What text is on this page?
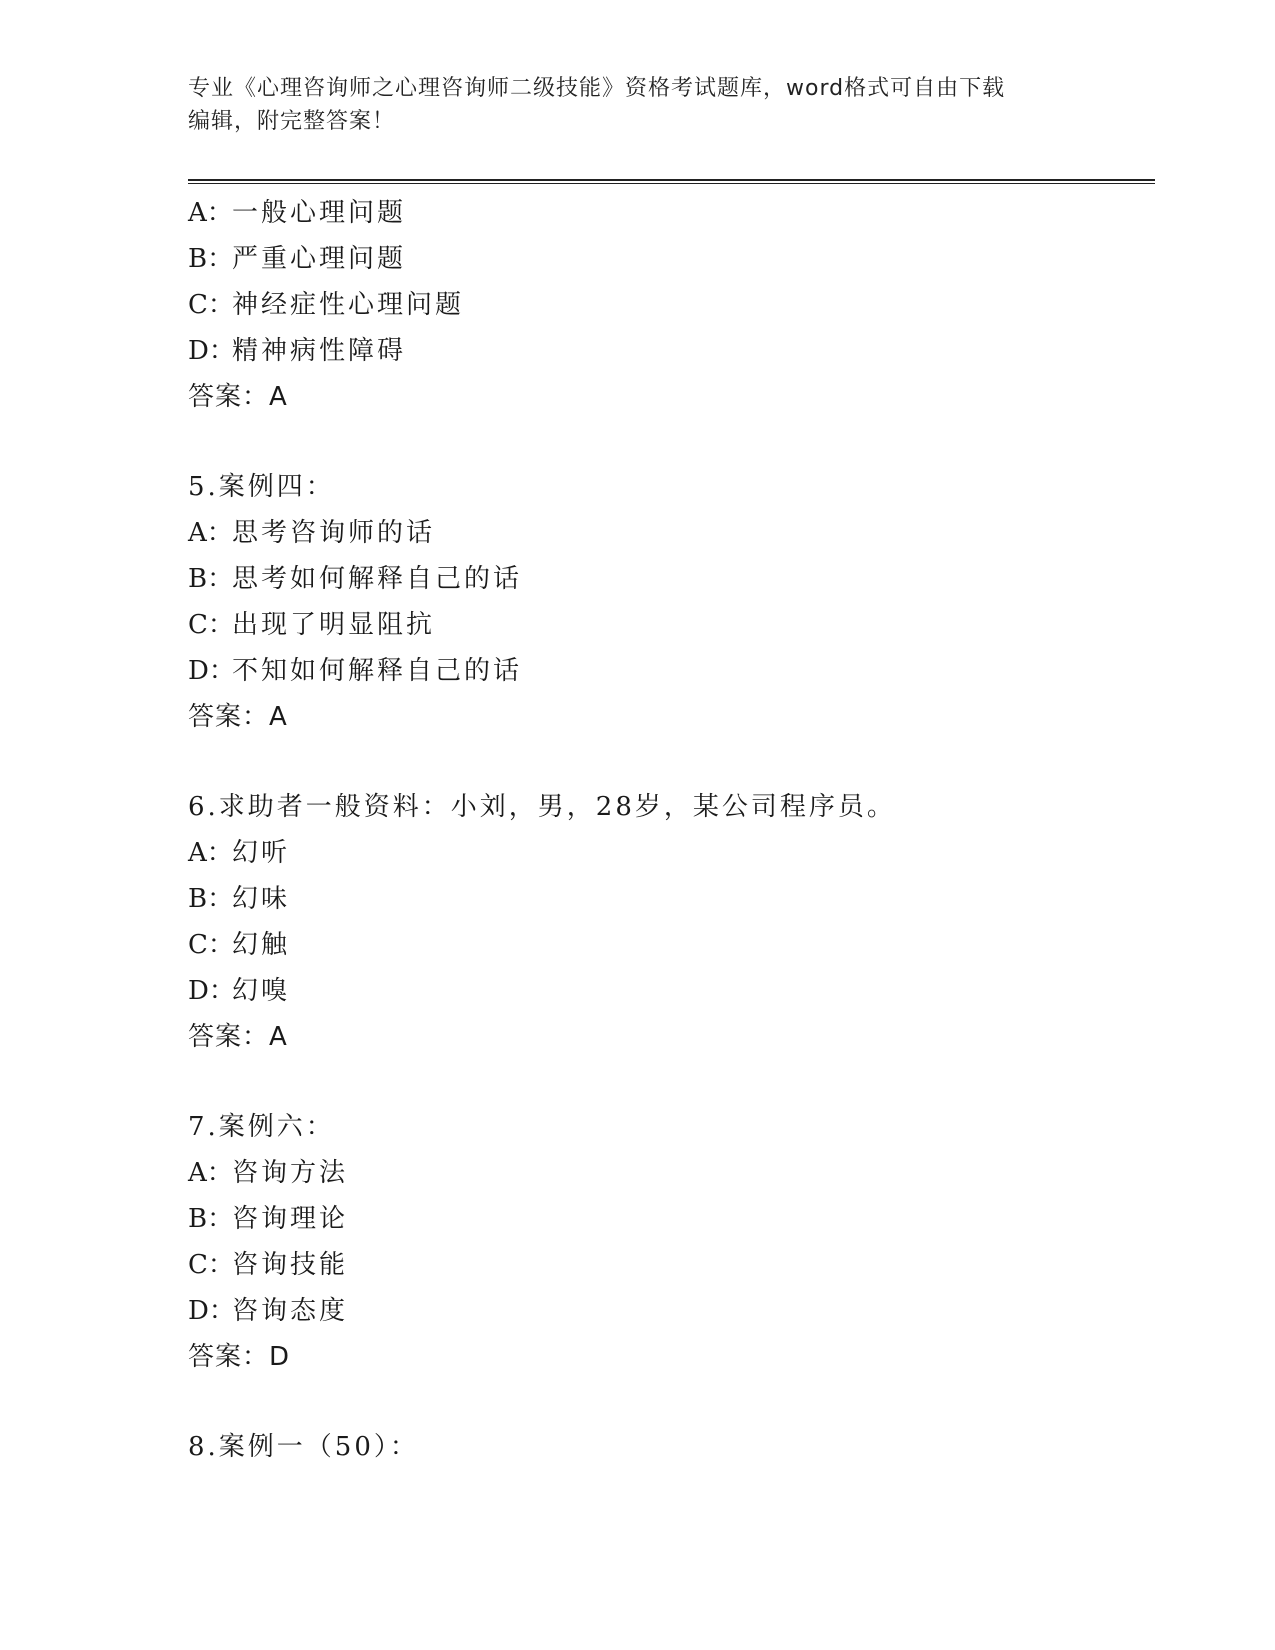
专业《心理咨询师之心理咨询师二级技能》资格考试题库，word格式可自由下载
编辑，附完整答案！
A：一般心理问题
B：严重心理问题
C：神经症性心理问题
D：精神病性障碍
答案：A
5.案例四：
A：思考咨询师的话
B：思考如何解释自己的话
C：出现了明显阻抗
D：不知如何解释自己的话
答案：A
6.求助者一般资料：小刘，男，28岁，某公司程序员。
A：幻听
B：幻味
C：幻触
D：幻嗅
答案：A
7.案例六：
A：咨询方法
B：咨询理论
C：咨询技能
D：咨询态度
答案：D
8.案例一（50）：
